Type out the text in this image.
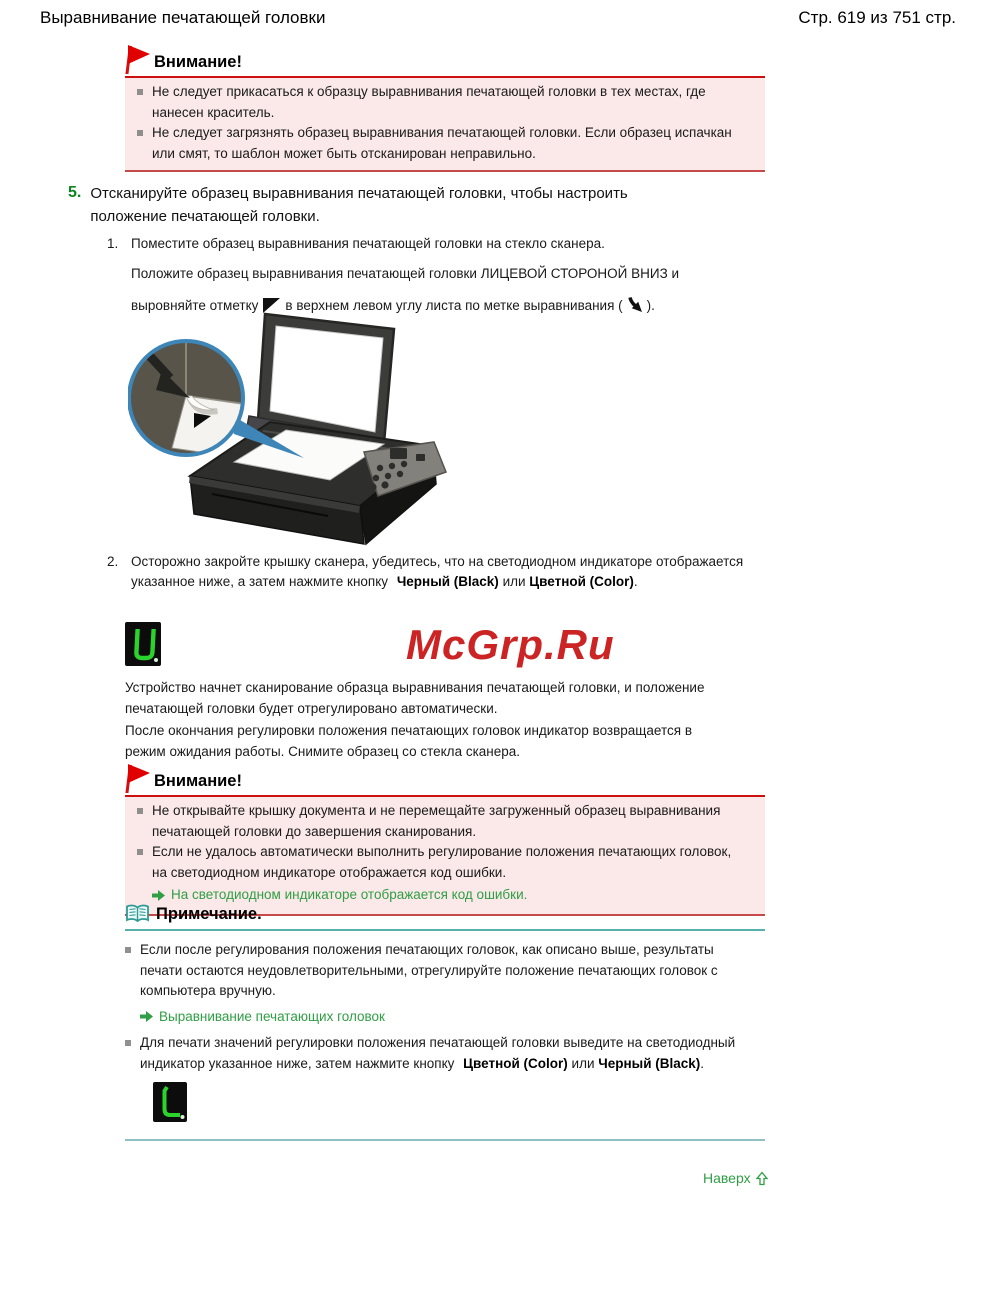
Выравнивание печатающей головки	Стр. 619 из 751 стр.
Внимание!
Не следует прикасаться к образцу выравнивания печатающей головки в тех местах, где нанесен краситель.
Не следует загрязнять образец выравнивания печатающей головки. Если образец испачкан или смят, то шаблон может быть отсканирован неправильно.
5. Отсканируйте образец выравнивания печатающей головки, чтобы настроить положение печатающей головки.
1. Поместите образец выравнивания печатающей головки на стекло сканера.
Положите образец выравнивания печатающей головки ЛИЦЕВОЙ СТОРОНОЙ ВНИЗ и
выровняйте отметку в верхнем левом углу листа по метке выравнивания ( ).
2. Осторожно закройте крышку сканера, убедитесь, что на светодиодном индикаторе отображается указанное ниже, а затем нажмите кнопку Черный (Black) или Цветной (Color).
McGrp.Ru

Устройство начнет сканирование образца выравнивания печатающей головки, и положение печатающей головки будет отрегулировано автоматически.

После окончания регулировки положения печатающих головок индикатор возвращается в режим ожидания работы. Снимите образец со стекла сканера.

Внимание!
Не открывайте крышку документа и не перемещайте загруженный образец выравнивания печатающей головки до завершения сканирования.
Если не удалось автоматически выполнить регулирование положения печатающих головок, на светодиодном индикаторе отображается код ошибки.
На светодиодном индикаторе отображается код ошибки.
Примечание.
Если после регулирования положения печатающих головок, как описано выше, результаты печати остаются неудовлетворительными, отрегулируйте положение печатающих головок с компьютера вручную.
Выравнивание печатающих головок
Для печати значений регулировки положения печатающей головки выведите на светодиодный индикатор указанное ниже, затем нажмите кнопку Цветной (Color) или Черный (Black).
Наверх
